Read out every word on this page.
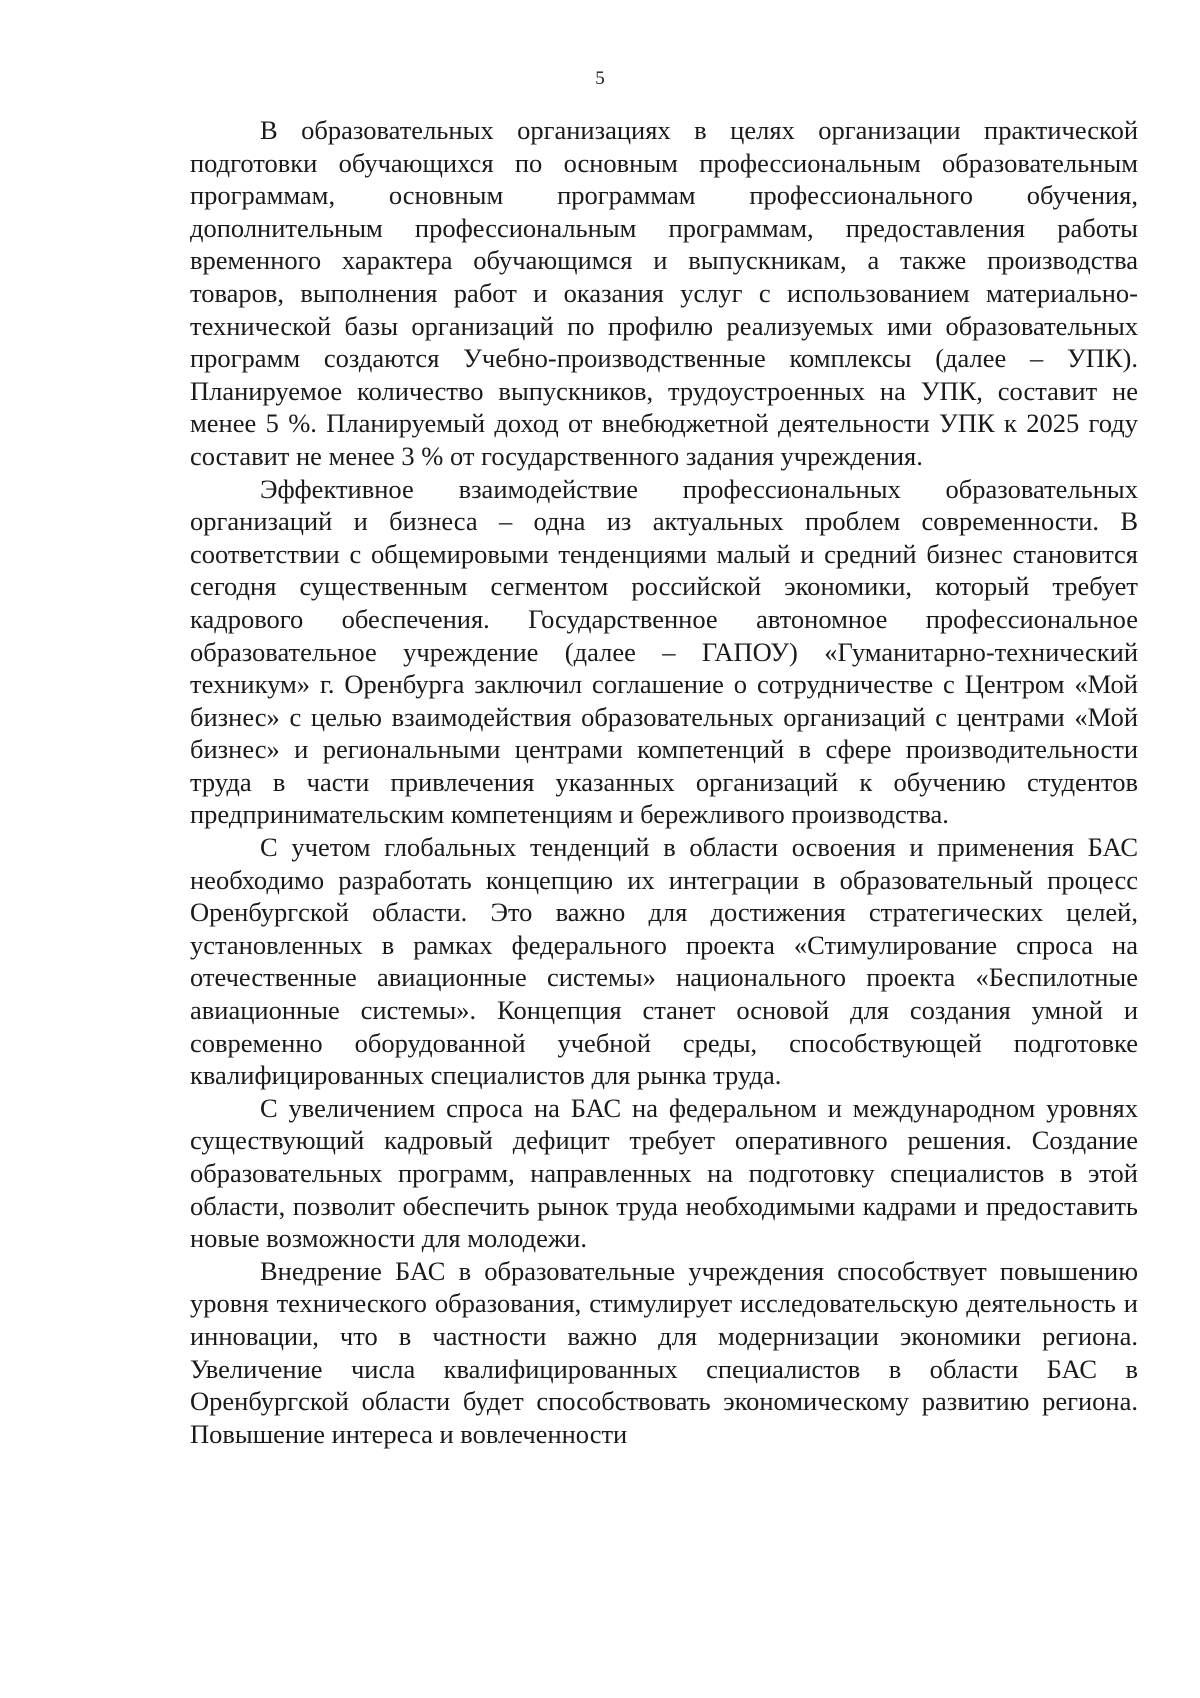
5

В образовательных организациях в целях организации практической подготовки обучающихся по основным профессиональным образовательным программам, основным программам профессионального обучения, дополнительным профессиональным программам, предоставления работы временного характера обучающимся и выпускникам, а также производства товаров, выполнения работ и оказания услуг с использованием материально-технической базы организаций по профилю реализуемых ими образовательных программ создаются Учебно-производственные комплексы (далее – УПК). Планируемое количество выпускников, трудоустроенных на УПК, составит не менее 5 %. Планируемый доход от внебюджетной деятельности УПК к 2025 году составит не менее 3 % от государственного задания учреждения.

Эффективное взаимодействие профессиональных образовательных организаций и бизнеса – одна из актуальных проблем современности. В соответствии с общемировыми тенденциями малый и средний бизнес становится сегодня существенным сегментом российской экономики, который требует кадрового обеспечения. Государственное автономное профессиональное образовательное учреждение (далее – ГАПОУ) «Гуманитарно-технический техникум» г. Оренбурга заключил соглашение о сотрудничестве с Центром «Мой бизнес» с целью взаимодействия образовательных организаций с центрами «Мой бизнес» и региональными центрами компетенций в сфере производительности труда в части привлечения указанных организаций к обучению студентов предпринимательским компетенциям и бережливого производства.

С учетом глобальных тенденций в области освоения и применения БАС необходимо разработать концепцию их интеграции в образовательный процесс Оренбургской области. Это важно для достижения стратегических целей, установленных в рамках федерального проекта «Стимулирование спроса на отечественные авиационные системы» национального проекта «Беспилотные авиационные системы». Концепция станет основой для создания умной и современно оборудованной учебной среды, способствующей подготовке квалифицированных специалистов для рынка труда.

С увеличением спроса на БАС на федеральном и международном уровнях существующий кадровый дефицит требует оперативного решения. Создание образовательных программ, направленных на подготовку специалистов в этой области, позволит обеспечить рынок труда необходимыми кадрами и предоставить новые возможности для молодежи.

Внедрение БАС в образовательные учреждения способствует повышению уровня технического образования, стимулирует исследовательскую деятельность и инновации, что в частности важно для модернизации экономики региона. Увеличение числа квалифицированных специалистов в области БАС в Оренбургской области будет способствовать экономическому развитию региона. Повышение интереса и вовлеченности
